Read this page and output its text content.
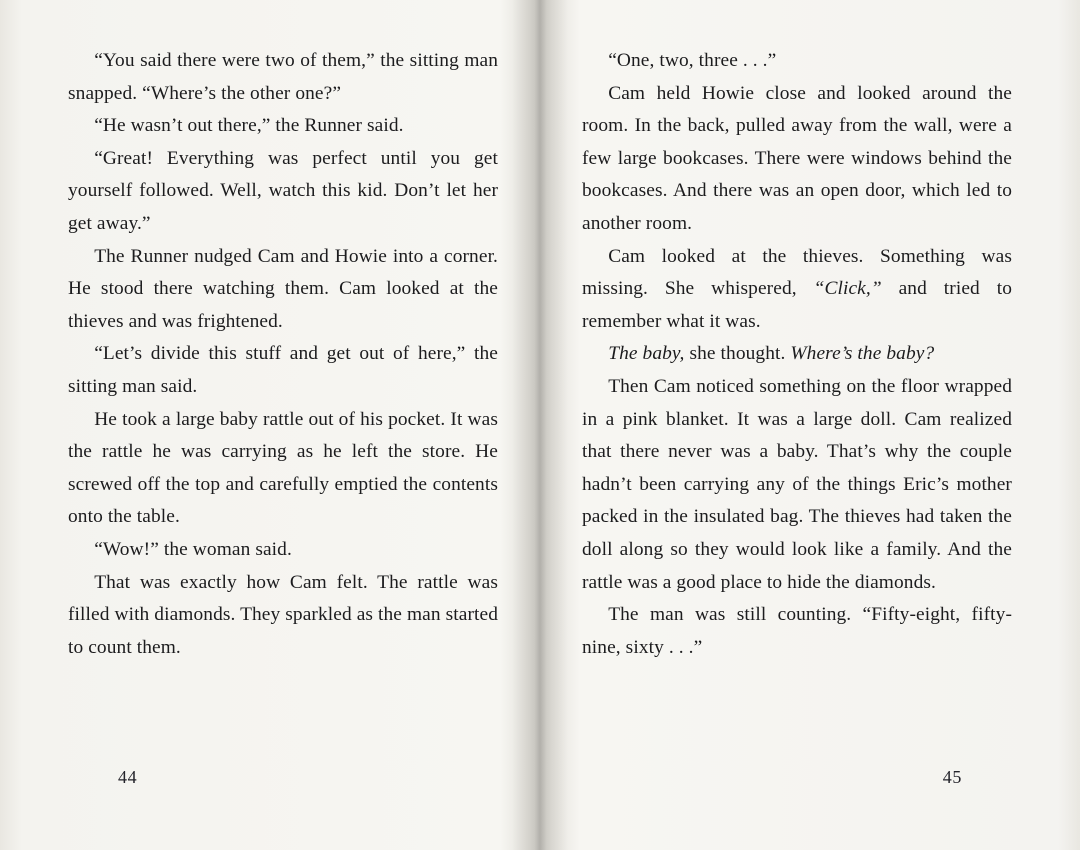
“You said there were two of them,” the sitting man snapped. “Where’s the other one?”

“He wasn’t out there,” the Runner said.

“Great! Everything was perfect until you get yourself followed. Well, watch this kid. Don’t let her get away.”

The Runner nudged Cam and Howie into a corner. He stood there watching them. Cam looked at the thieves and was frightened.

“Let’s divide this stuff and get out of here,” the sitting man said.

He took a large baby rattle out of his pocket. It was the rattle he was carrying as he left the store. He screwed off the top and carefully emptied the contents onto the table.

“Wow!” the woman said.

That was exactly how Cam felt. The rattle was filled with diamonds. They sparkled as the man started to count them.

44

“One, two, three . . .”

Cam held Howie close and looked around the room. In the back, pulled away from the wall, were a few large bookcases. There were windows behind the bookcases. And there was an open door, which led to another room.

Cam looked at the thieves. Something was missing. She whispered, “Click,” and tried to remember what it was.

The baby, she thought. Where’s the baby?

Then Cam noticed something on the floor wrapped in a pink blanket. It was a large doll. Cam realized that there never was a baby. That’s why the couple hadn’t been carrying any of the things Eric’s mother packed in the insulated bag. The thieves had taken the doll along so they would look like a family. And the rattle was a good place to hide the diamonds.

The man was still counting. “Fifty-eight, fifty-nine, sixty . . .”

45
